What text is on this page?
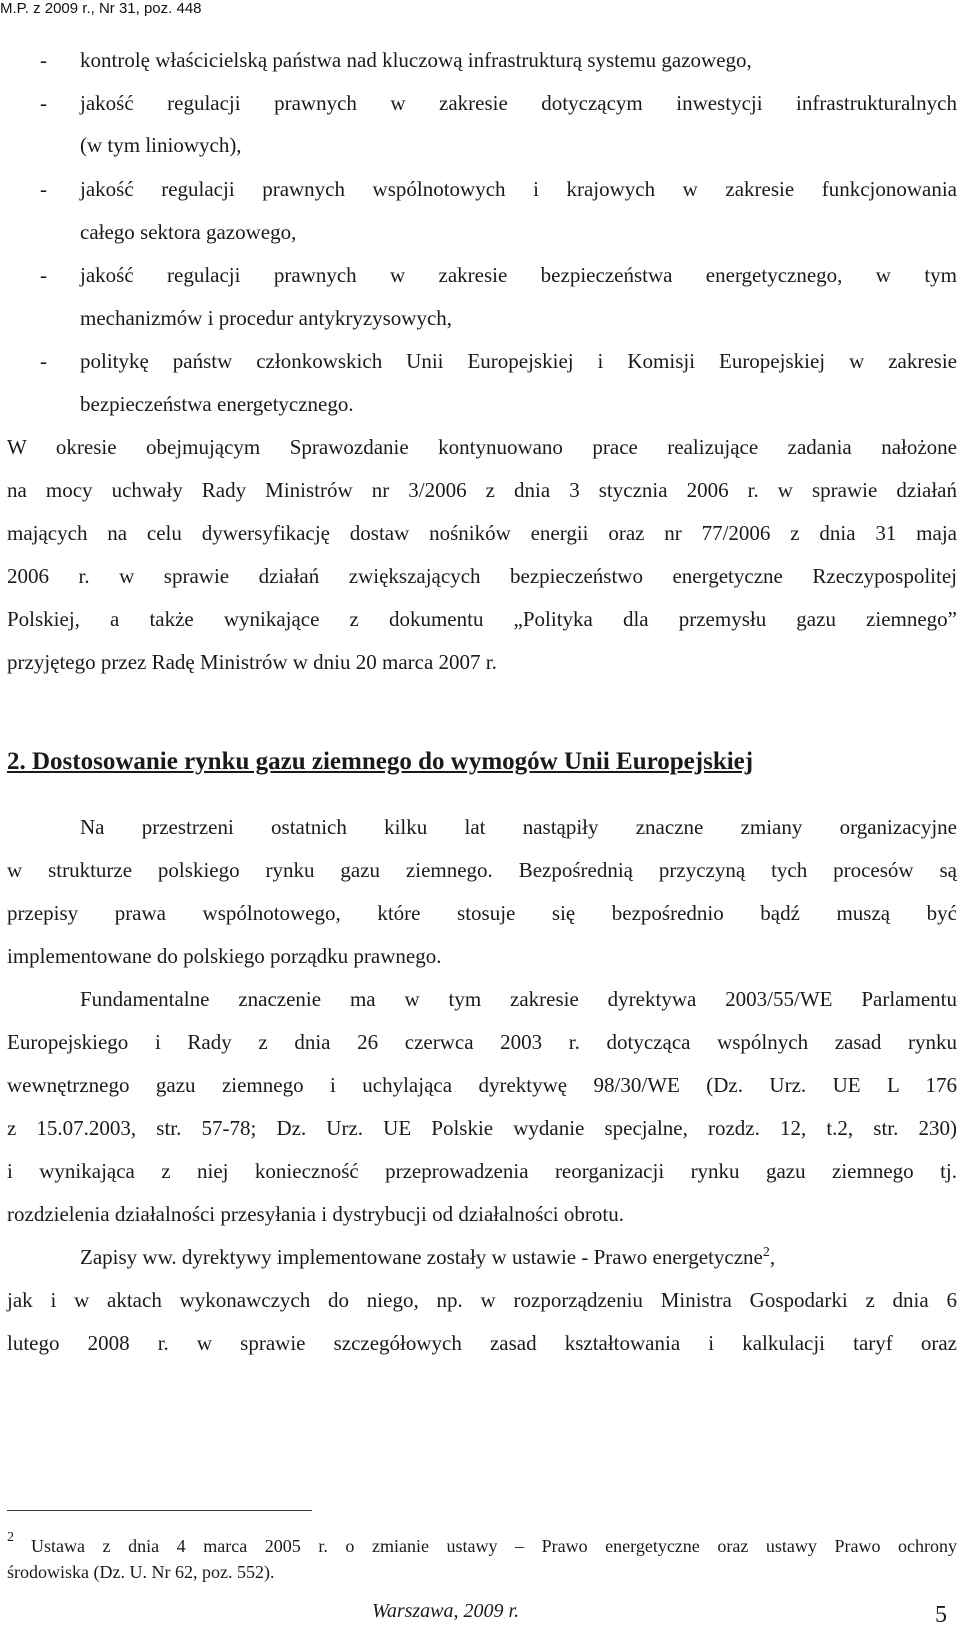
M.P. z 2009 r., Nr 31, poz. 448
- kontrolę właścicielską państwa nad kluczową infrastrukturą systemu gazowego,
- jakość regulacji prawnych w zakresie dotyczącym inwestycji infrastrukturalnych
(w tym liniowych),
- jakość regulacji prawnych wspólnotowych i krajowych w zakresie funkcjonowania
całego sektora gazowego,
- jakość regulacji prawnych w zakresie bezpieczeństwa energetycznego, w tym
mechanizmów i procedur antykryzysowych,
- politykę państw członkowskich Unii Europejskiej i Komisji Europejskiej w zakresie
bezpieczeństwa energetycznego.
W okresie obejmującym Sprawozdanie kontynuowano prace realizujące zadania nałożone
na mocy uchwały Rady Ministrów nr 3/2006 z dnia 3 stycznia 2006 r. w sprawie działań
mających na celu dywersyfikację dostaw nośników energii oraz nr 77/2006 z dnia 31 maja
2006 r. w sprawie działań zwiększających bezpieczeństwo energetyczne Rzeczypospolitej
Polskiej, a także wynikające z dokumentu „Polityka dla przemysłu gazu ziemnego”
przyjętego przez Radę Ministrów w dniu 20 marca 2007 r.
2. Dostosowanie rynku gazu ziemnego do wymogów Unii Europejskiej
Na przestrzeni ostatnich kilku lat nastąpiły znaczne zmiany organizacyjne
w strukturze polskiego rynku gazu ziemnego. Bezpośrednią przyczyną tych procesów są
przepisy prawa wspólnotowego, które stosuje się bezpośrednio bądź muszą być
implementowane do polskiego porządku prawnego.
Fundamentalne znaczenie ma w tym zakresie dyrektywa 2003/55/WE Parlamentu
Europejskiego i Rady z dnia 26 czerwca 2003 r. dotycząca wspólnych zasad rynku
wewnętrznego gazu ziemnego i uchylająca dyrektywę 98/30/WE (Dz. Urz. UE L 176
z 15.07.2003, str. 57-78; Dz. Urz. UE Polskie wydanie specjalne, rozdz. 12, t.2, str. 230)
i wynikająca z niej konieczność przeprowadzenia reorganizacji rynku gazu ziemnego tj.
rozdzielenia działalności przesyłania i dystrybucji od działalności obrotu.
Zapisy ww. dyrektywy implementowane zostały w ustawie - Prawo energetyczne$^2$,
jak i w aktach wykonawczych do niego, np. w rozporządzeniu Ministra Gospodarki z dnia 6
lutego 2008 r. w sprawie szczegółowych zasad kształtowania i kalkulacji taryf oraz
2 Ustawa z dnia 4 marca 2005 r. o zmianie ustawy – Prawo energetyczne oraz ustawy Prawo ochrony
środowiska (Dz. U. Nr 62, poz. 552).
Warszawa, 2009 r.	5
